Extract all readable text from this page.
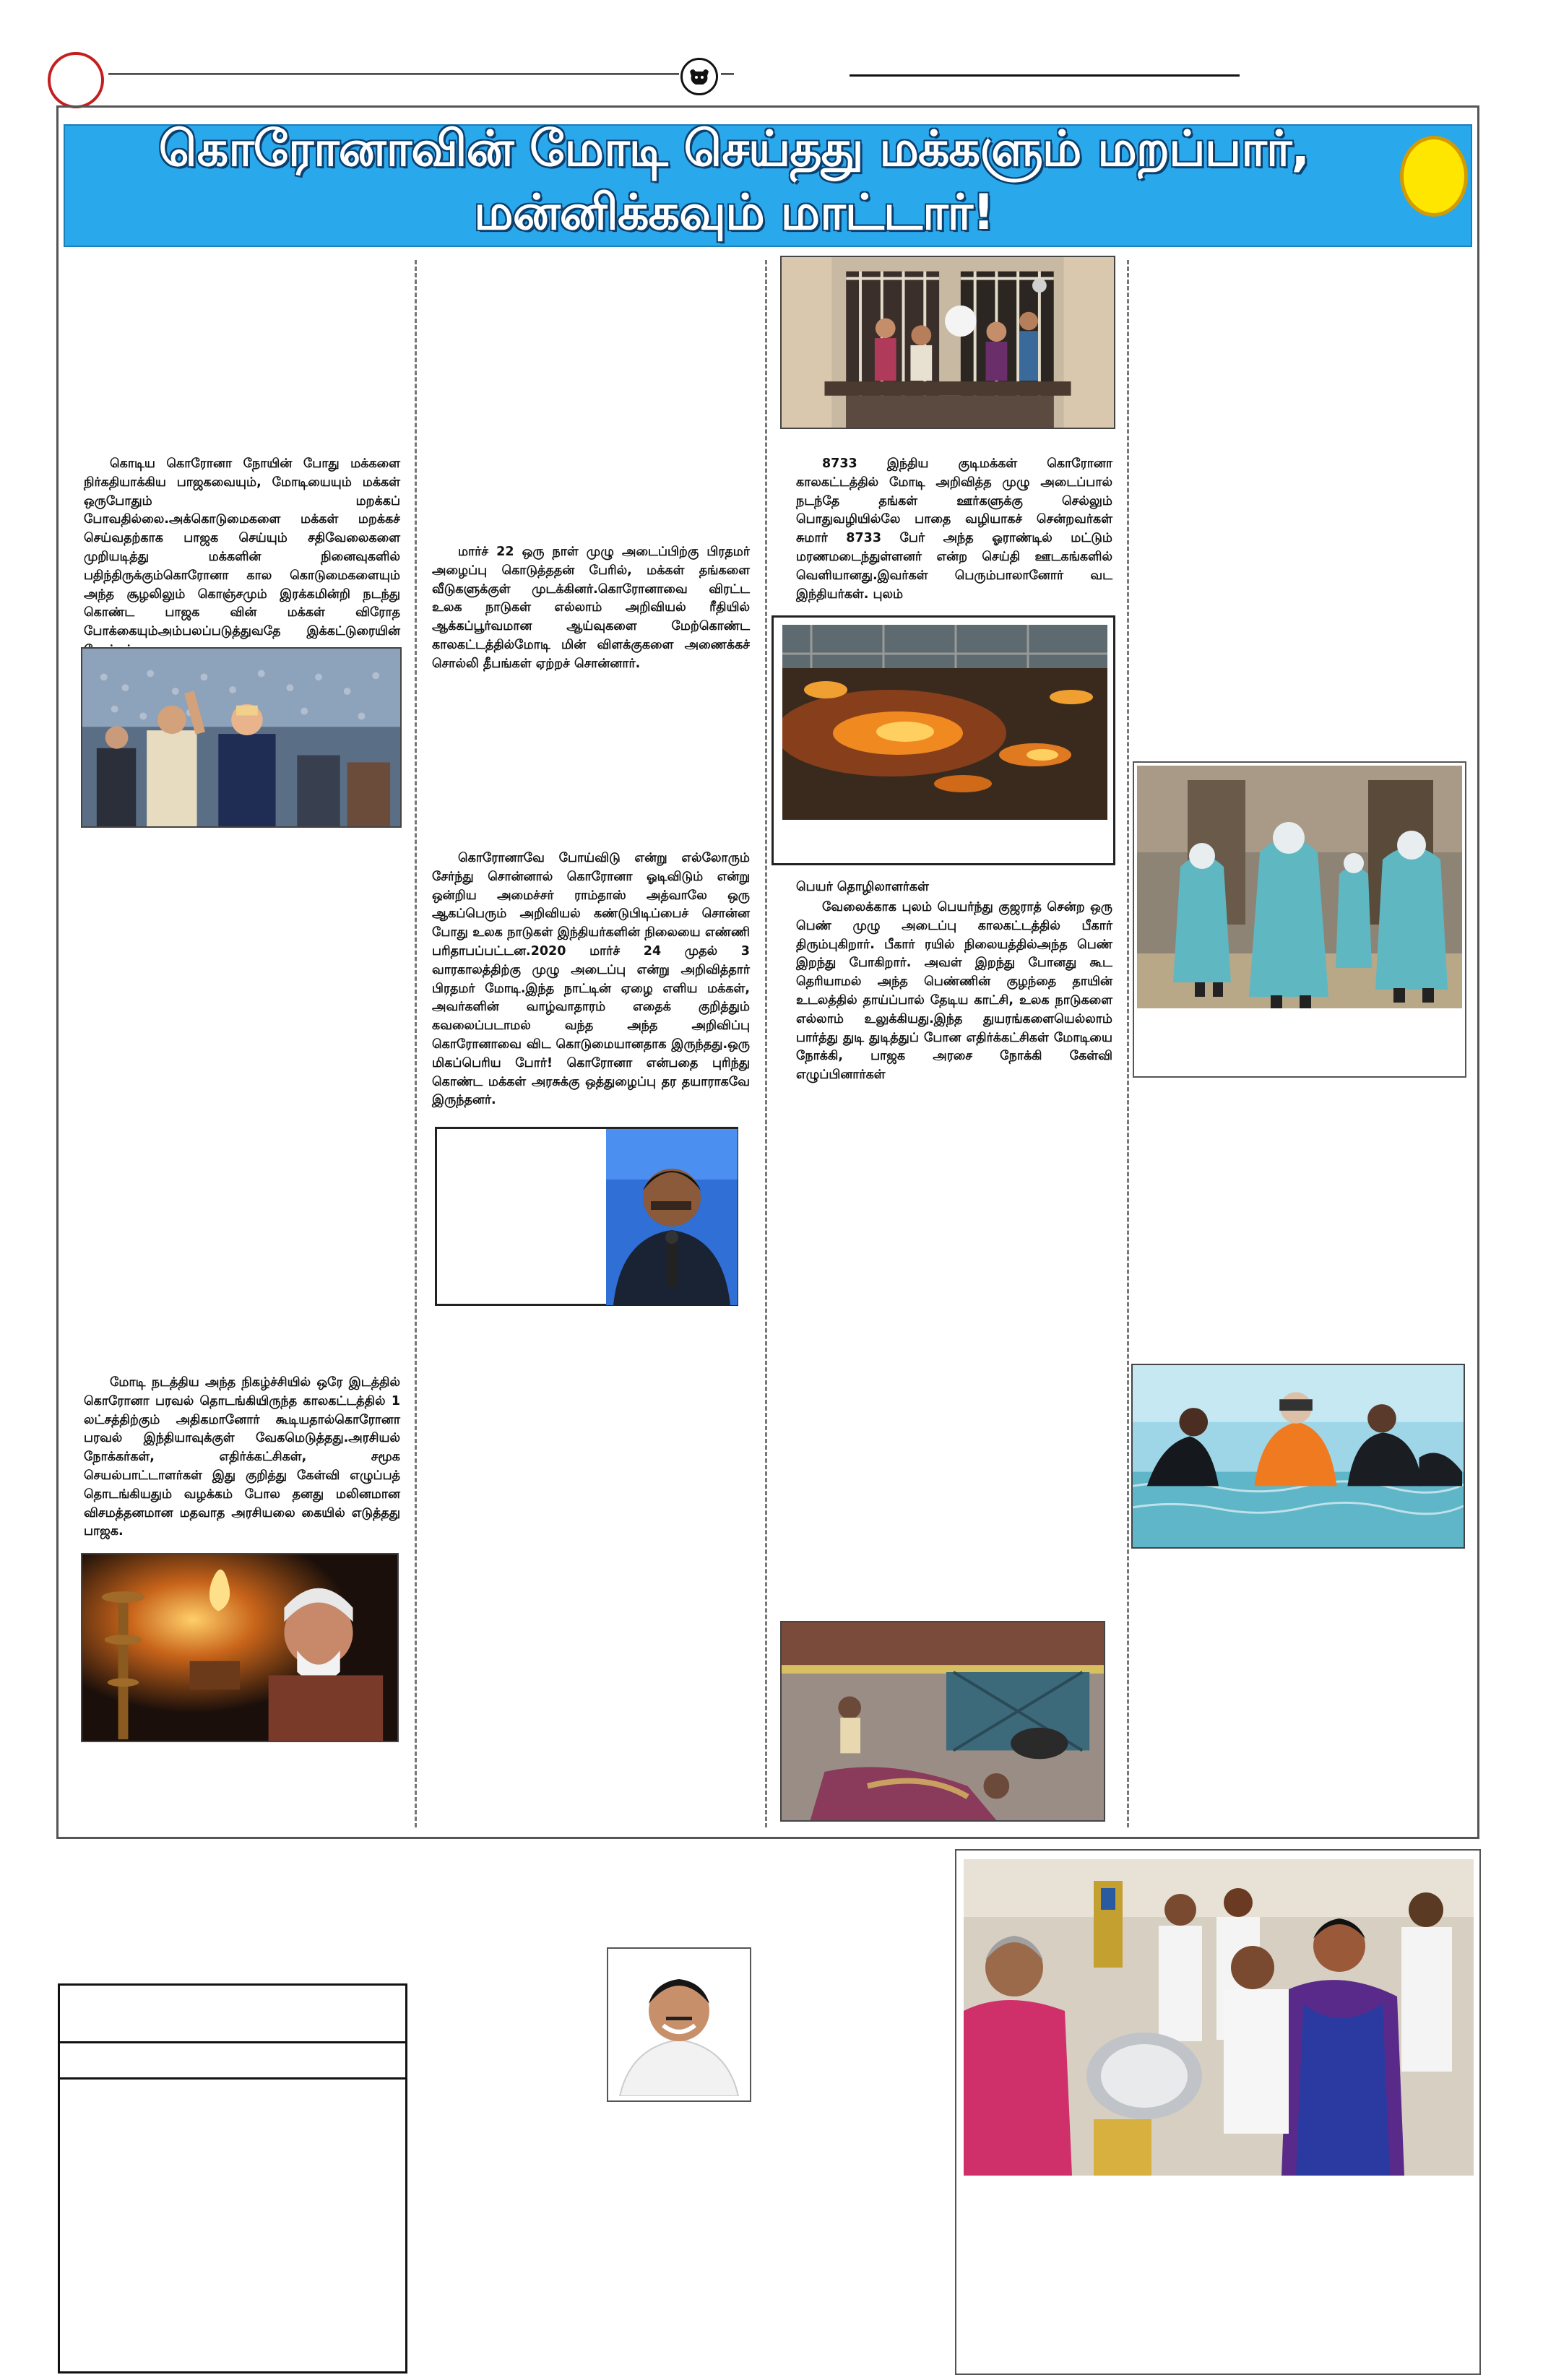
கொரோனாவின் மோடி செய்தது மக்களும் மறப்பார், மன்னிக்கவும் மாட்டார்!
கொடிய கொரோனா நோயின் போது மக்களை நிர்கதியாக்கிய பாஜகவையும், மோடியையும் மக்கள் ஒருபோதும் மறக்கப் போவதில்லை.அக்கொடுமைகளை மக்கள் மறக்கச் செய்வதற்காக பாஜக செய்யும் சதிவேலைகளை முறியடித்து மக்களின் நினைவுகளில் பதிந்திருக்கும்கொரோனா கால கொடுமைகளையும் அந்த சூழலிலும் கொஞ்சமும் இரக்கமின்றி நடந்து கொண்ட பாஜக வின் மக்கள் விரோத போக்கையும்அம்பலப்படுத்துவதே இக்கட்டுரையின்
மோடி நடத்திய அந்த நிகழ்ச்சியில் ஒரே இடத்தில் கொரோனா பரவல் தொடங்கியிருந்த காலகட்டத்தில் 1 லட்சத்திற்கும் அதிகமானோர் கூடியதால்கொரோனா பரவல் இந்தியாவுக்குள் வேகமெடுத்தது.அரசியல் நோக்கர்கள், எதிர்க்கட்சிகள், சமூக செயல்பாட்டாளர்கள் இது குறித்து கேள்வி எழுப்பத் தொடங்கியதும் வழக்கம் போல தனது மலினமான விசமத்தனமான மதவாத அரசியலை கையில் எடுத்தது பாஜக.
மார்ச் 22 ஒரு நாள் முழு அடைப்பிற்கு பிரதமர் அழைப்பு கொடுத்ததன் பேரில், மக்கள் தங்களை வீடுகளுக்குள் முடக்கினர்.கொரோனாவை விரட்ட உலக நாடுகள் எல்லாம் அறிவியல் ரீதியில் ஆக்கப்பூர்வமான ஆய்வுகளை மேற்கொண்ட காலகட்டத்தில்மோடி மின் விளக்குகளை அணைக்கச் சொல்லி தீபங்கள் ஏற்றச் சொன்னார்.
கொரோனாவே போய்விடு என்று எல்லோரும் சேர்ந்து சொன்னால் கொரோனா ஓடிவிடும் என்று ஒன்றிய அமைச்சர் ராம்தாஸ் அத்வாலே ஒரு ஆகப்பெரும் அறிவியல் கண்டுபிடிப்பைச் சொன்ன போது உலக நாடுகள் இந்தியர்களின் நிலையை எண்ணி பரிதாபப்பட்டன.2020 மார்ச் 24 முதல் 3 வாரகாலத்திற்கு முழு அடைப்பு என்று அறிவித்தார் பிரதமர் மோடி.இந்த நாட்டின் ஏழை எளிய மக்கள், அவர்களின் வாழ்வாதாரம் எதைக் குறித்தும் கவலைப்படாமல் வந்த அந்த அறிவிப்பு கொரோனாவை விட கொடுமையானதாக இருந்தது.ஒரு மிகப்பெரிய போர்! கொரோனா என்பதை புரிந்து கொண்ட மக்கள் அரசுக்கு ஒத்துழைப்பு தர தயாராகவே இருந்தனர்.
8733 இந்திய குடிமக்கள் கொரோனா காலகட்டத்தில் மோடி அறிவித்த முழு அடைப்பால் நடந்தே தங்கள் ஊர்களுக்கு செல்லும் பொதுவழியில்லே பாதை வழியாகச் சென்றவர்கள் சுமார் 8733 பேர் அந்த ஓராண்டில் மட்டும் மரணமடைந்துள்ளனர் என்ற செய்தி ஊடகங்களில் வெளியானது.இவர்கள் பெரும்பாலானோர் வட இந்தியர்கள். புலம்
பெயர் தொழிலாளர்கள்
வேலைக்காக புலம் பெயர்ந்து குஜராத் சென்ற ஒரு பெண் முழு அடைப்பு காலகட்டத்தில் பீகார் திரும்புகிறார். பீகார் ரயில் நிலையத்தில்அந்த பெண் இறந்து போகிறார். அவள் இறந்து போனது கூட தெரியாமல் அந்த பெண்ணின் குழந்தை தாயின் உடலத்தில் தாய்ப்பால் தேடிய காட்சி, உலக நாடுகளை எல்லாம் உலுக்கியது.இந்த துயரங்களையெல்லாம் பார்த்து துடி துடித்துப் போன எதிர்க்கட்சிகள் மோடியை நோக்கி, பாஜக அரசை நோக்கி கேள்வி எழுப்பினார்கள்
